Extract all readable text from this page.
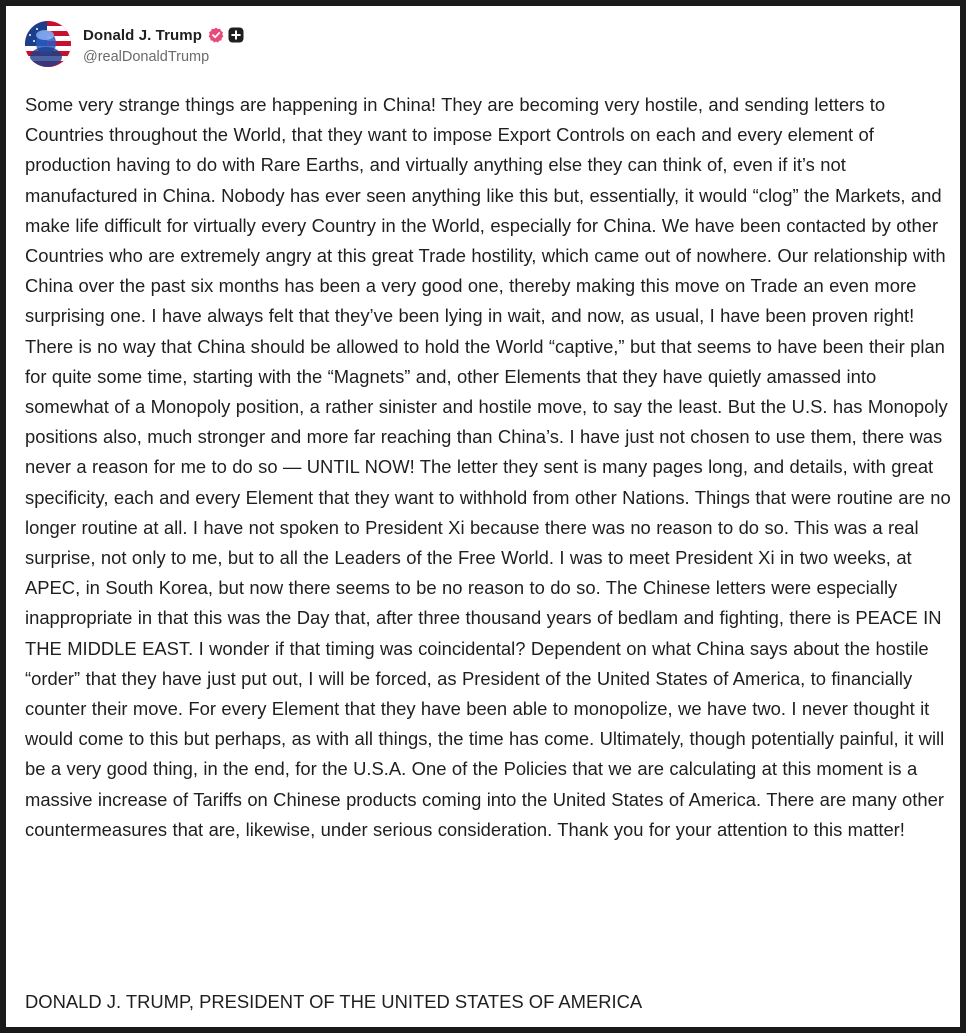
Donald J. Trump
@realDonaldTrump

Some very strange things are happening in China! They are becoming very hostile, and sending letters to Countries throughout the World, that they want to impose Export Controls on each and every element of production having to do with Rare Earths, and virtually anything else they can think of, even if it’s not manufactured in China. Nobody has ever seen anything like this but, essentially, it would “clog” the Markets, and make life difficult for virtually every Country in the World, especially for China. We have been contacted by other Countries who are extremely angry at this great Trade hostility, which came out of nowhere. Our relationship with China over the past six months has been a very good one, thereby making this move on Trade an even more surprising one. I have always felt that they’ve been lying in wait, and now, as usual, I have been proven right! There is no way that China should be allowed to hold the World “captive,” but that seems to have been their plan for quite some time, starting with the “Magnets” and, other Elements that they have quietly amassed into somewhat of a Monopoly position, a rather sinister and hostile move, to say the least. But the U.S. has Monopoly positions also, much stronger and more far reaching than China’s. I have just not chosen to use them, there was never a reason for me to do so — UNTIL NOW! The letter they sent is many pages long, and details, with great specificity, each and every Element that they want to withhold from other Nations. Things that were routine are no longer routine at all. I have not spoken to President Xi because there was no reason to do so. This was a real surprise, not only to me, but to all the Leaders of the Free World. I was to meet President Xi in two weeks, at APEC, in South Korea, but now there seems to be no reason to do so. The Chinese letters were especially inappropriate in that this was the Day that, after three thousand years of bedlam and fighting, there is PEACE IN THE MIDDLE EAST. I wonder if that timing was coincidental? Dependent on what China says about the hostile “order” that they have just put out, I will be forced, as President of the United States of America, to financially counter their move. For every Element that they have been able to monopolize, we have two. I never thought it would come to this but perhaps, as with all things, the time has come. Ultimately, though potentially painful, it will be a very good thing, in the end, for the U.S.A. One of the Policies that we are calculating at this moment is a massive increase of Tariffs on Chinese products coming into the United States of America. There are many other countermeasures that are, likewise, under serious consideration. Thank you for your attention to this matter!

DONALD J. TRUMP, PRESIDENT OF THE UNITED STATES OF AMERICA
